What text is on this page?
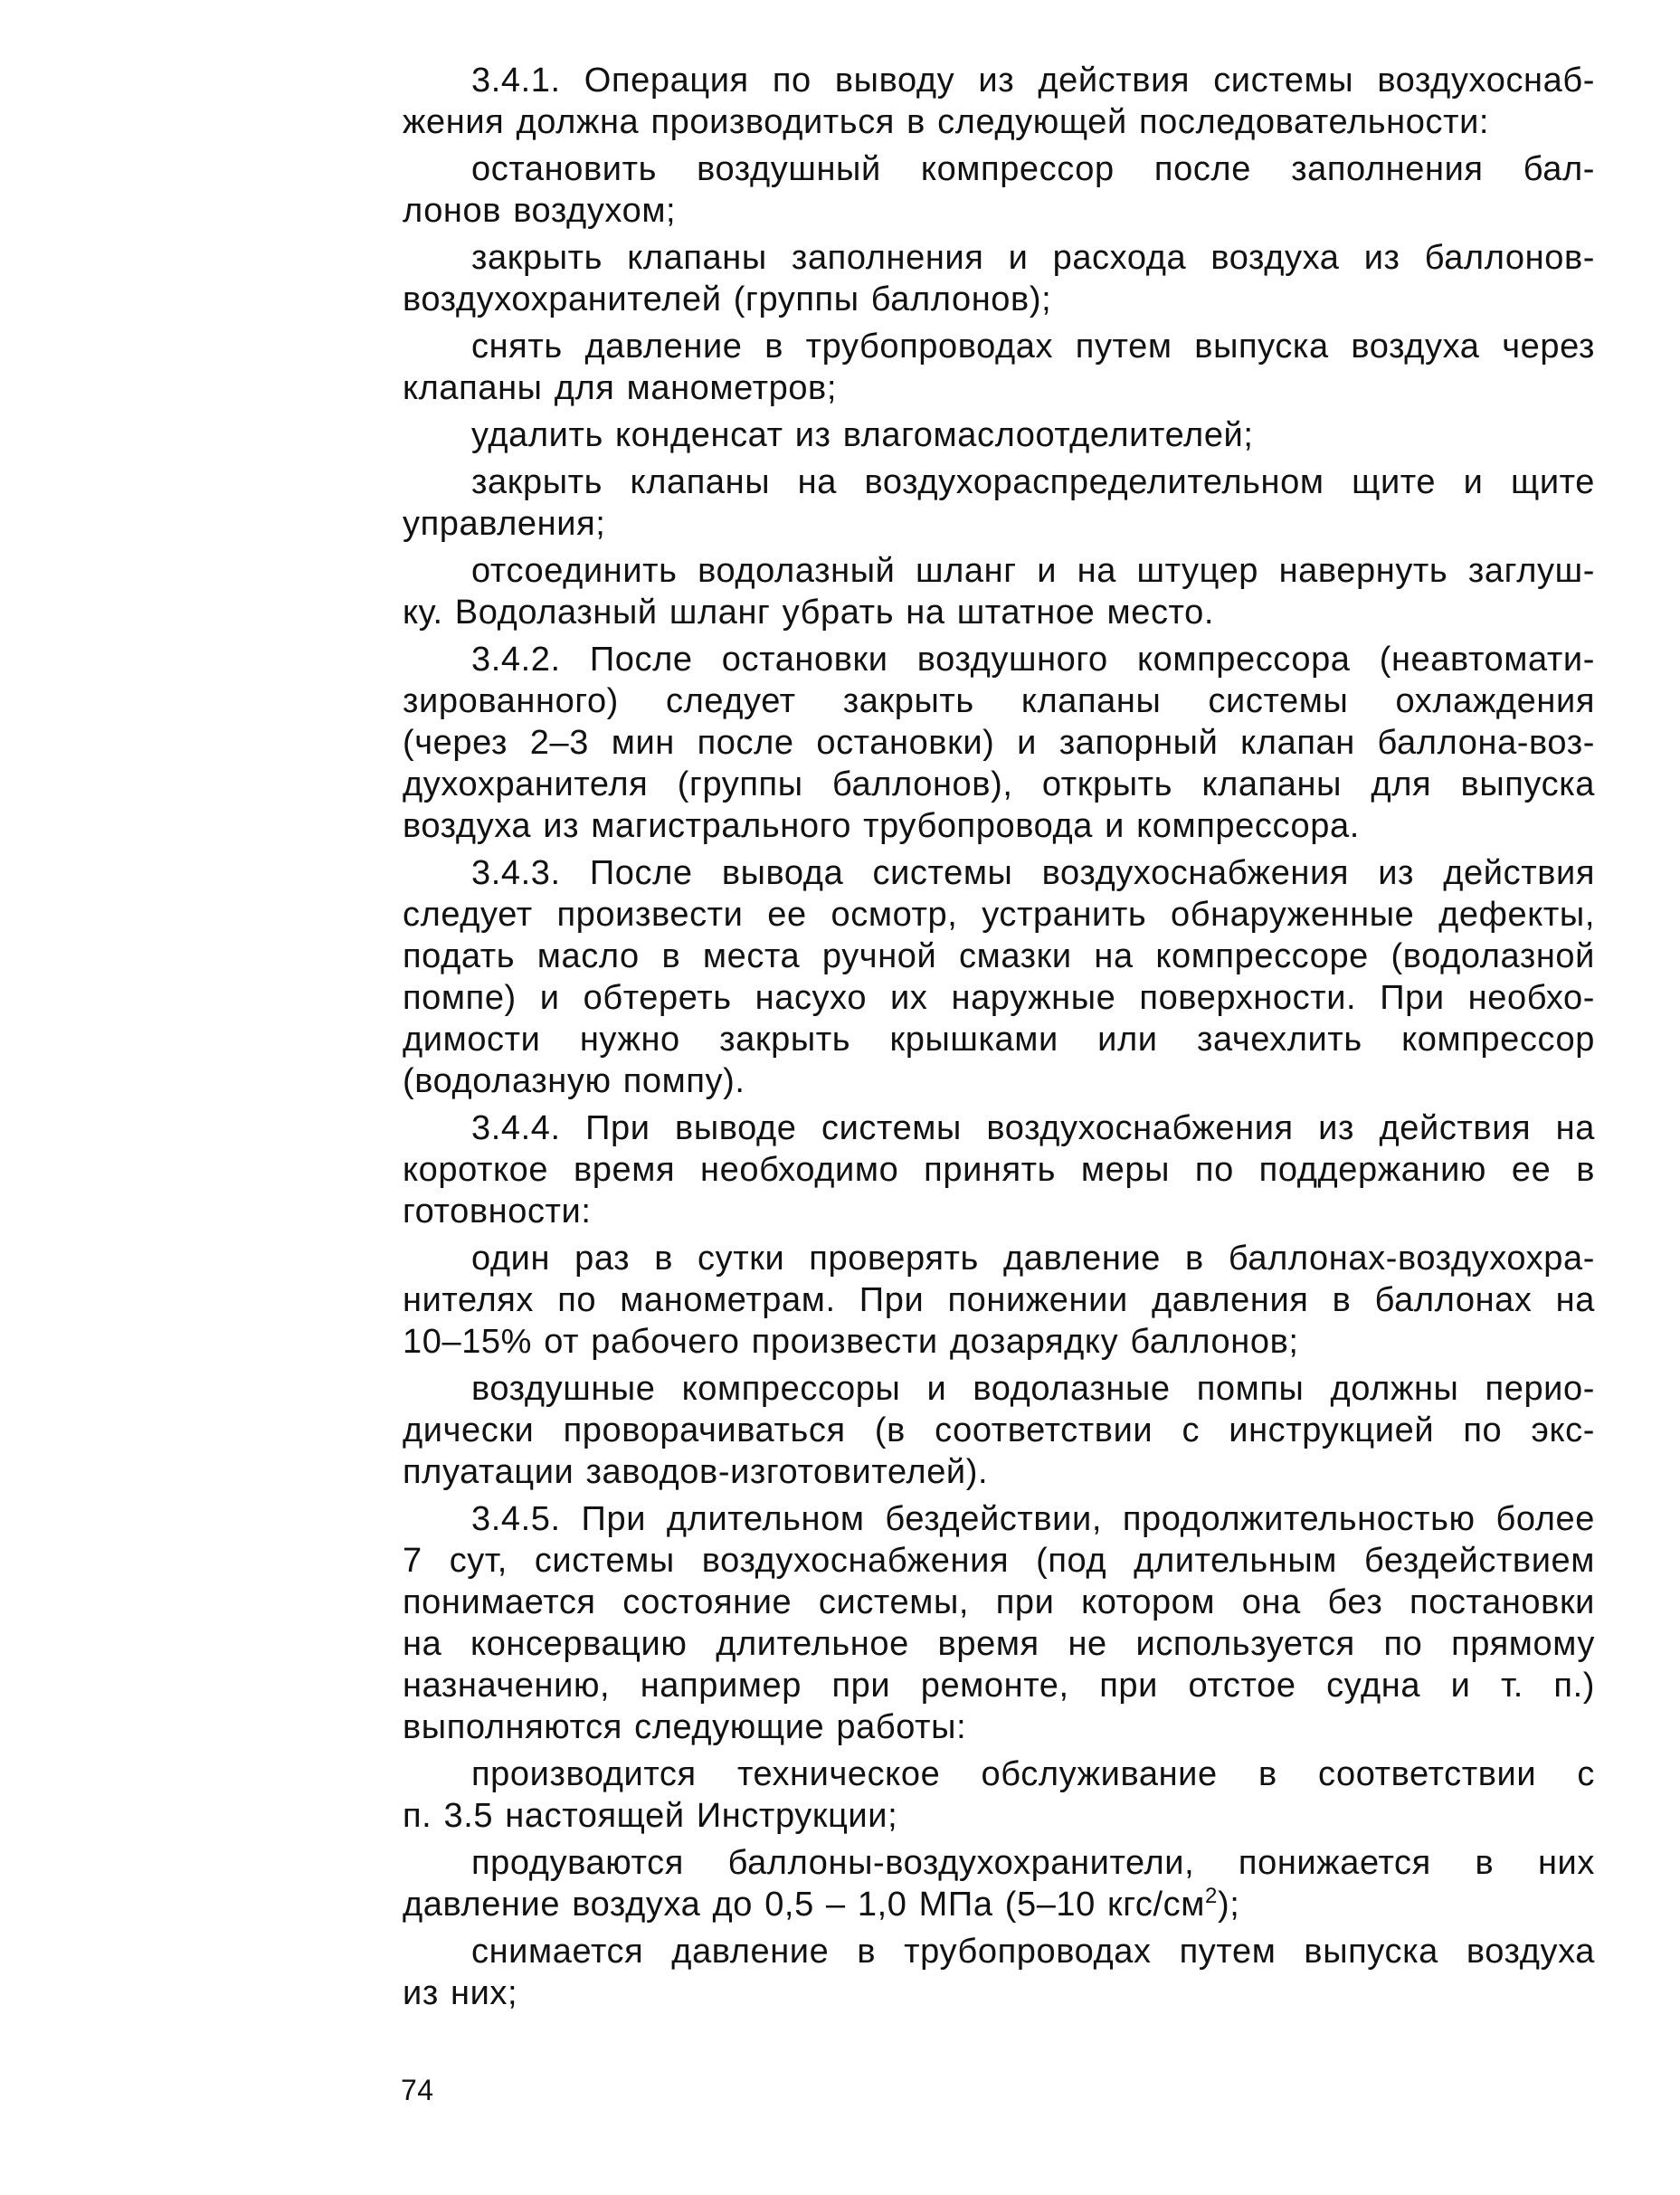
3.4.1. Операция по выводу из действия системы воздухоснаб-
жения должна производиться в следующей последовательности:

остановить воздушный компрессор после заполнения бал-
лонов воздухом;

закрыть клапаны заполнения и расхода воздуха из баллонов-
воздухохранителей (группы баллонов);

снять давление в трубопроводах путем выпуска воздуха через
клапаны для манометров;

удалить конденсат из влагомаслоотделителей;

закрыть клапаны на воздухораспределительном щите и щите
управления;

отсоединить водолазный шланг и на штуцер навернуть заглуш-
ку. Водолазный шланг убрать на штатное место.

3.4.2. После остановки воздушного компрессора (неавтомати-
зированного) следует закрыть клапаны системы охлаждения
(через 2–3 мин после остановки) и запорный клапан баллона-воз-
духохранителя (группы баллонов), открыть клапаны для выпуска
воздуха из магистрального трубопровода и компрессора.

3.4.3. После вывода системы воздухоснабжения из действия
следует произвести ее осмотр, устранить обнаруженные дефекты,
подать масло в места ручной смазки на компрессоре (водолазной
помпе) и обтереть насухо их наружные поверхности. При необхо-
димости нужно закрыть крышками или зачехлить компрессор
(водолазную помпу).

3.4.4. При выводе системы воздухоснабжения из действия на
короткое время необходимо принять меры по поддержанию ее в
готовности:

один раз в сутки проверять давление в баллонах-воздухохра-
нителях по манометрам. При понижении давления в баллонах на
10–15% от рабочего произвести дозарядку баллонов;

воздушные компрессоры и водолазные помпы должны перио-
дически проворачиваться (в соответствии с инструкцией по экс-
плуатации заводов-изготовителей).

3.4.5. При длительном бездействии, продолжительностью более
7 сут, системы воздухоснабжения (под длительным бездействием
понимается состояние системы, при котором она без постановки
на консервацию длительное время не используется по прямому
назначению, например при ремонте, при отстое судна и т. п.)
выполняются следующие работы:

производится техническое обслуживание в соответствии с
п. 3.5 настоящей Инструкции;

продуваются баллоны-воздухохранители, понижается в них
давление воздуха до 0,5 – 1,0 МПа (5–10 кгс/$см^2$);

снимается давление в трубопроводах путем выпуска воздуха
из них;

74
